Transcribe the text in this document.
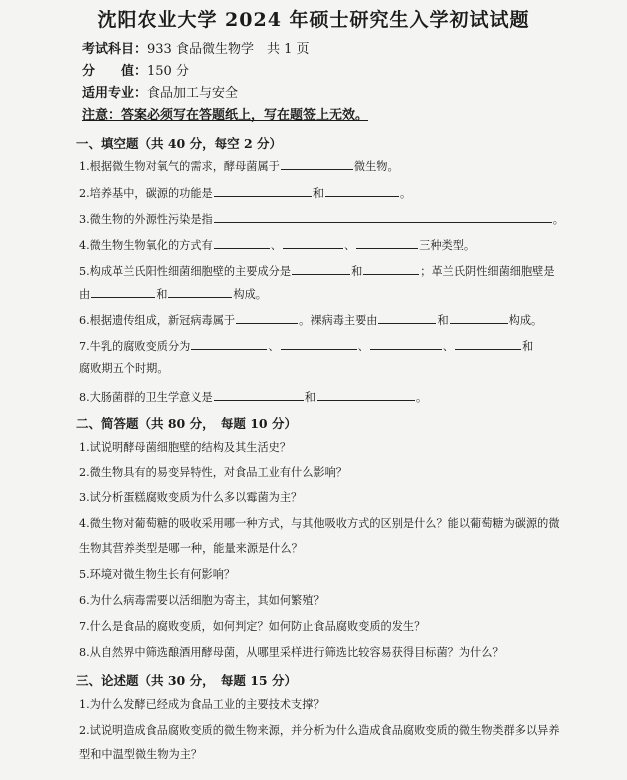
沈阳农业大学 2024 年硕士研究生入学初试试题
考试科目：933 食品微生物学　共 1 页
分　　值：150 分
适用专业：食品加工与安全
注意：答案必须写在答题纸上，写在题签上无效。
一、填空题（共 40 分，每空 2 分）
1.根据微生物对氧气的需求，酵母菌属于	微生物。
2.培养基中，碳源的功能是	和	。
3.微生物的外源性污染是指	。
4.微生物生物氧化的方式有	、	、	三种类型。
5.构成革兰氏阳性细菌细胞壁的主要成分是	和	；革兰氏阴性细菌细胞壁是
由	和	构成。
6.根据遗传组成，新冠病毒属于	。裸病毒主要由	和	构成。
7.牛乳的腐败变质分为	、	、	、	和
腐败期五个时期。
8.大肠菌群的卫生学意义是	和	。
二、简答题（共 80 分，　每题 10 分）
1.试说明酵母菌细胞壁的结构及其生活史？
2.微生物具有的易变异特性，对食品工业有什么影响？
3.试分析蛋糕腐败变质为什么多以霉菌为主？
4.微生物对葡萄糖的吸收采用哪一种方式，与其他吸收方式的区别是什么？能以葡萄糖为碳源的微
生物其营养类型是哪一种，能量来源是什么？
5.环境对微生物生长有何影响？
6.为什么病毒需要以活细胞为寄主，其如何繁殖？
7.什么是食品的腐败变质，如何判定？如何防止食品腐败变质的发生？
8.从自然界中筛选酿酒用酵母菌，从哪里采样进行筛选比较容易获得目标菌？为什么？
三、论述题（共 30 分，　每题 15 分）
1.为什么发酵已经成为食品工业的主要技术支撑？
2.试说明造成食品腐败变质的微生物来源，并分析为什么造成食品腐败变质的微生物类群多以异养
型和中温型微生物为主？
